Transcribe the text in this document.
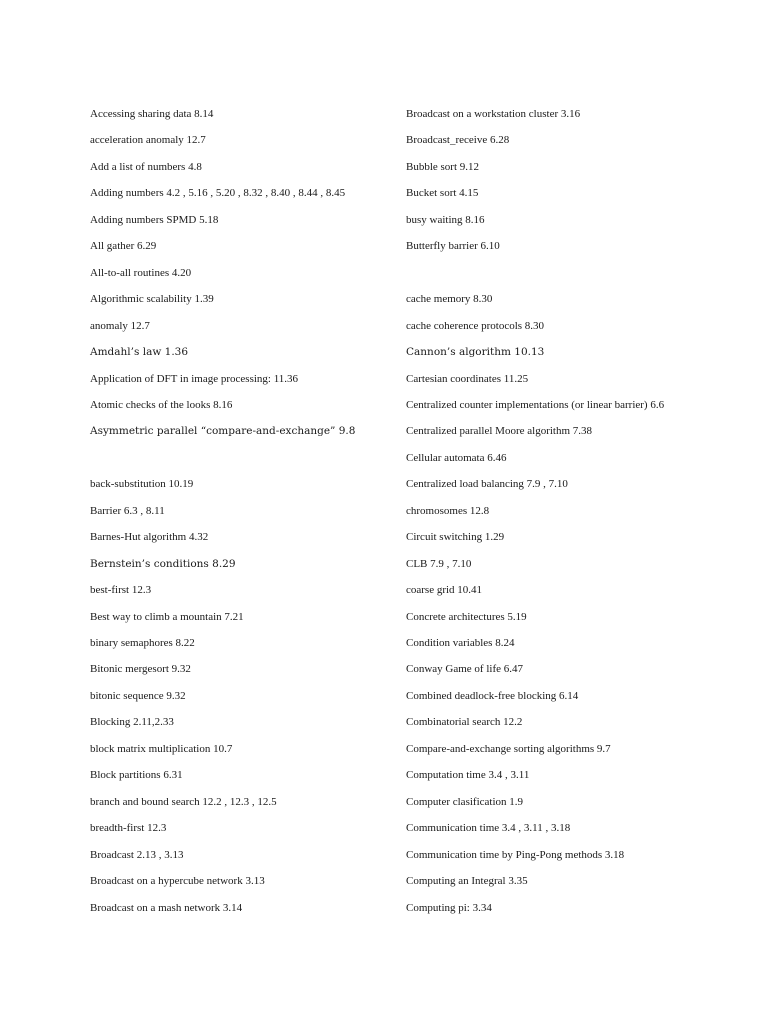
Accessing sharing data 8.14
acceleration anomaly 12.7
Add a list of numbers 4.8
Adding numbers 4.2 , 5.16 , 5.20 , 8.32 , 8.40 , 8.44 , 8.45
Adding numbers SPMD 5.18
All gather 6.29
All-to-all routines 4.20
Algorithmic scalability 1.39
anomaly 12.7
Amdahl’s law 1.36
Application of DFT in image processing: 11.36
Atomic checks of the looks 8.16
Asymmetric parallel “compare-and-exchange” 9.8
back-substitution 10.19
Barrier 6.3 , 8.11
Barnes-Hut algorithm 4.32
Bernstein’s conditions 8.29
best-first 12.3
Best way to climb a mountain 7.21
binary semaphores 8.22
Bitonic mergesort 9.32
bitonic sequence 9.32
Blocking 2.11,2.33
block matrix multiplication 10.7
Block partitions 6.31
branch and bound search 12.2 , 12.3 , 12.5
breadth-first 12.3
Broadcast 2.13 , 3.13
Broadcast on a hypercube network 3.13
Broadcast on a mash network 3.14
Broadcast on a workstation cluster 3.16
Broadcast_receive 6.28
Bubble sort 9.12
Bucket sort 4.15
busy waiting 8.16
Butterfly barrier 6.10
cache memory 8.30
cache coherence protocols 8.30
Cannon’s algorithm 10.13
Cartesian coordinates 11.25
Centralized counter implementations (or linear barrier) 6.6
Centralized parallel Moore algorithm 7.38
Cellular automata 6.46
Centralized load balancing 7.9 , 7.10
chromosomes 12.8
Circuit switching 1.29
CLB 7.9 , 7.10
coarse grid 10.41
Concrete architectures 5.19
Condition variables 8.24
Conway Game of life 6.47
Combined deadlock-free blocking 6.14
Combinatorial search 12.2
Compare-and-exchange sorting algorithms 9.7
Computation time 3.4 , 3.11
Computer clasification 1.9
Communication time 3.4 , 3.11 , 3.18
Communication time by Ping-Pong methods 3.18
Computing an Integral 3.35
Computing pi: 3.34
